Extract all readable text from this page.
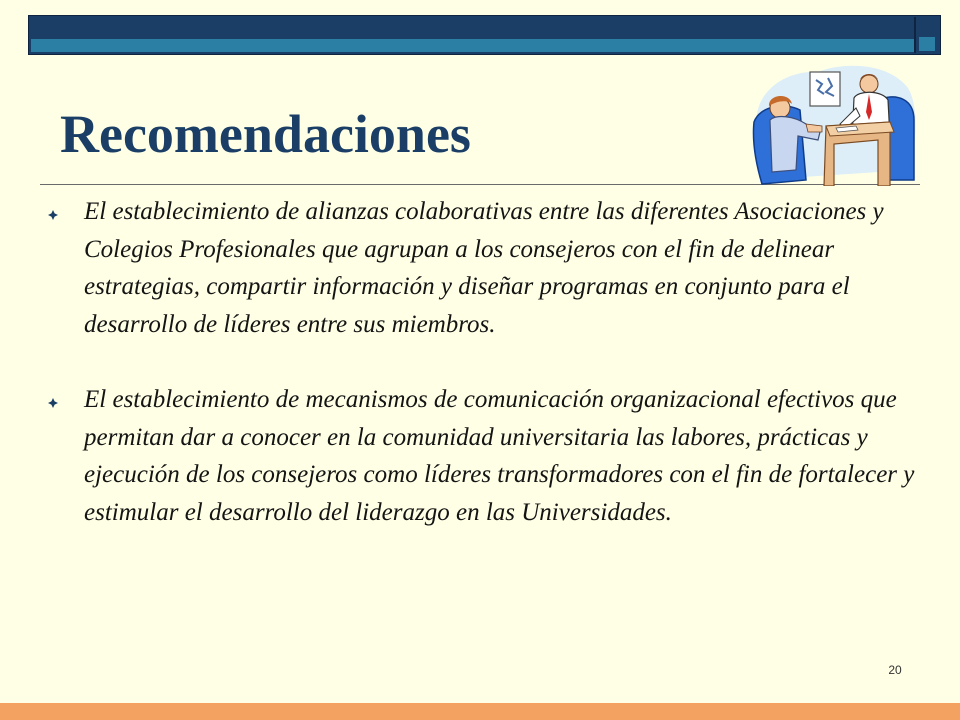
Recomendaciones

El establecimiento de alianzas colaborativas entre las diferentes Asociaciones y Colegios Profesionales que agrupan a los consejeros con el fin de delinear estrategias, compartir información y diseñar programas en conjunto para el desarrollo de líderes entre sus miembros.

El establecimiento de mecanismos de comunicación organizacional efectivos que permitan dar a conocer en la comunidad universitaria las labores, prácticas y ejecución de los consejeros como líderes transformadores con el fin de fortalecer y estimular el desarrollo del liderazgo en las Universidades.

20
